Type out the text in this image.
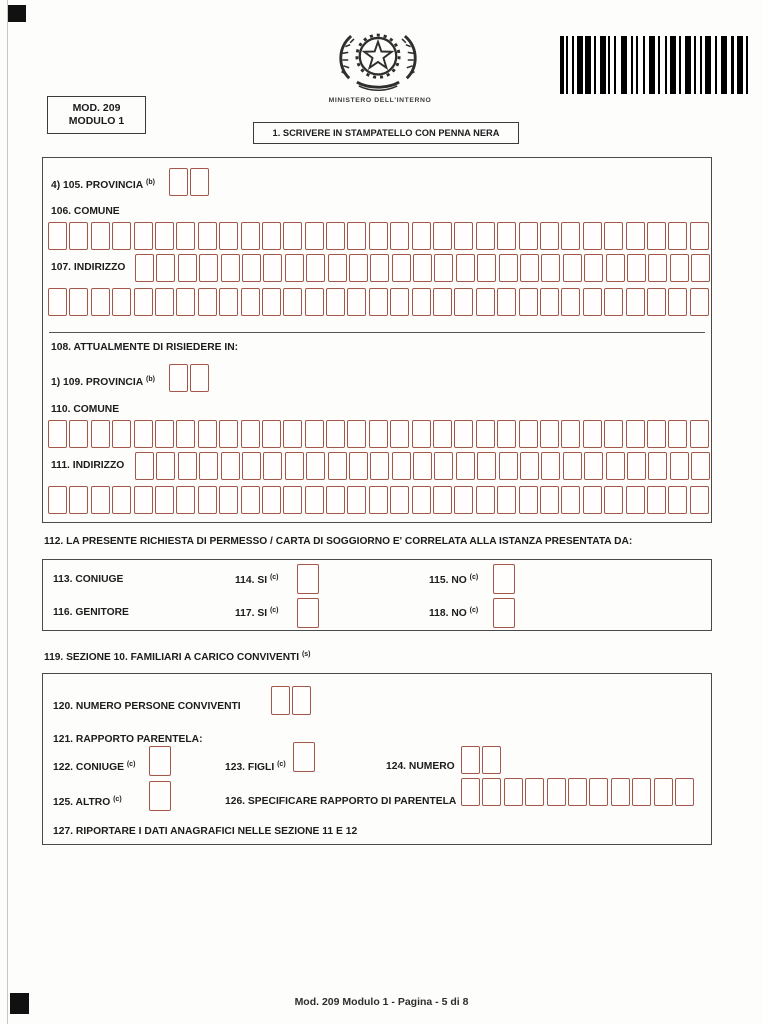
MINISTERO DELL'INTERNO
MOD. 209
MODULO 1
1. SCRIVERE IN STAMPATELLO CON PENNA NERA
4) 105. PROVINCIA $^{(b)}$
106. COMUNE
107. INDIRIZZO
108. ATTUALMENTE DI RISIEDERE IN:
1) 109. PROVINCIA $^{(b)}$
110. COMUNE
111. INDIRIZZO
112. LA PRESENTE RICHIESTA DI PERMESSO / CARTA DI SOGGIORNO E' CORRELATA ALLA ISTANZA PRESENTATA DA:
113. CONIUGE	114. SI $^{(c)}$	115. NO $^{(c)}$
116. GENITORE	117. SI $^{(c)}$	118. NO $^{(c)}$
119. SEZIONE 10. FAMILIARI A CARICO CONVIVENTI $^{(s)}$
120. NUMERO PERSONE CONVIVENTI
121. RAPPORTO PARENTELA:
122. CONIUGE $^{(c)}$	123. FIGLI $^{(c)}$	124. NUMERO
125. ALTRO $^{(c)}$	126. SPECIFICARE RAPPORTO DI PARENTELA
127. RIPORTARE I DATI ANAGRAFICI NELLE SEZIONE 11 E 12
Mod. 209 Modulo 1 - Pagina - 5 di 8
